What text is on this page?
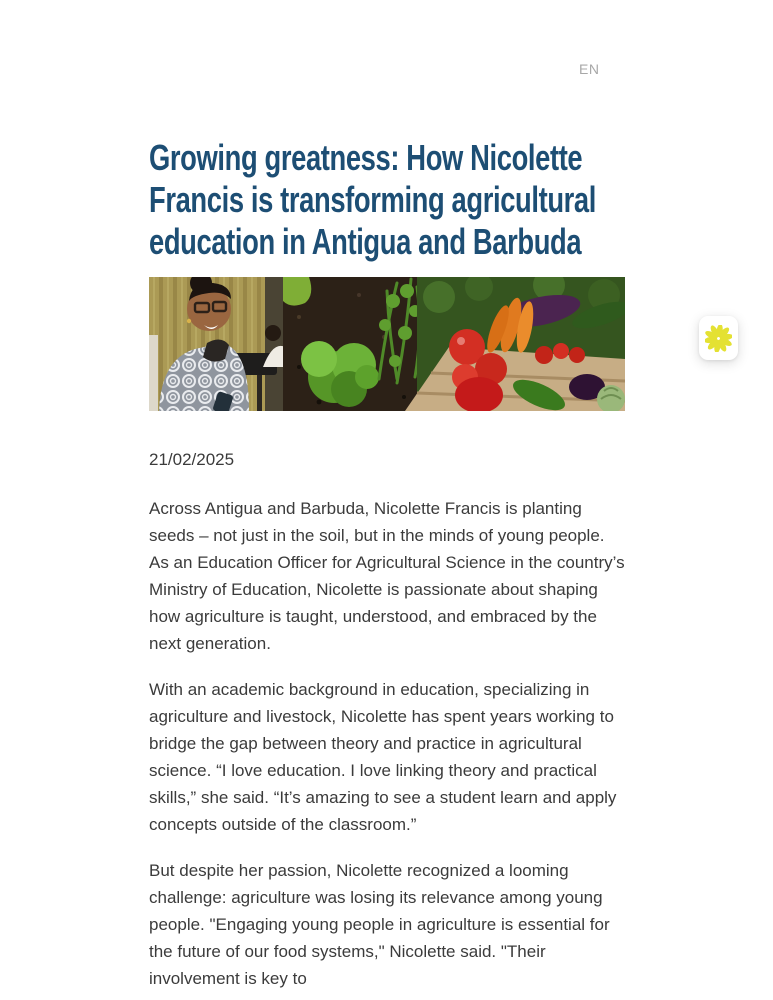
EN
Growing greatness: How Nicolette
Francis is transforming agricultural
education in Antigua and Barbuda
21/02/2025

Across Antigua and Barbuda, Nicolette Francis is planting seeds – not just in the soil, but in the minds of young people. As an Education Officer for Agricultural Science in the country’s Ministry of Education, Nicolette is passionate about shaping how agriculture is taught, understood, and embraced by the next generation.

With an academic background in education, specializing in agriculture and livestock, Nicolette has spent years working to bridge the gap between theory and practice in agricultural science. “I love education. I love linking theory and practical skills,” she said. “It’s amazing to see a student learn and apply concepts outside of the classroom.”

But despite her passion, Nicolette recognized a looming challenge: agriculture was losing its relevance among young people. "Engaging young people in agriculture is essential for the future of our food systems," Nicolette said. "Their involvement is key to
